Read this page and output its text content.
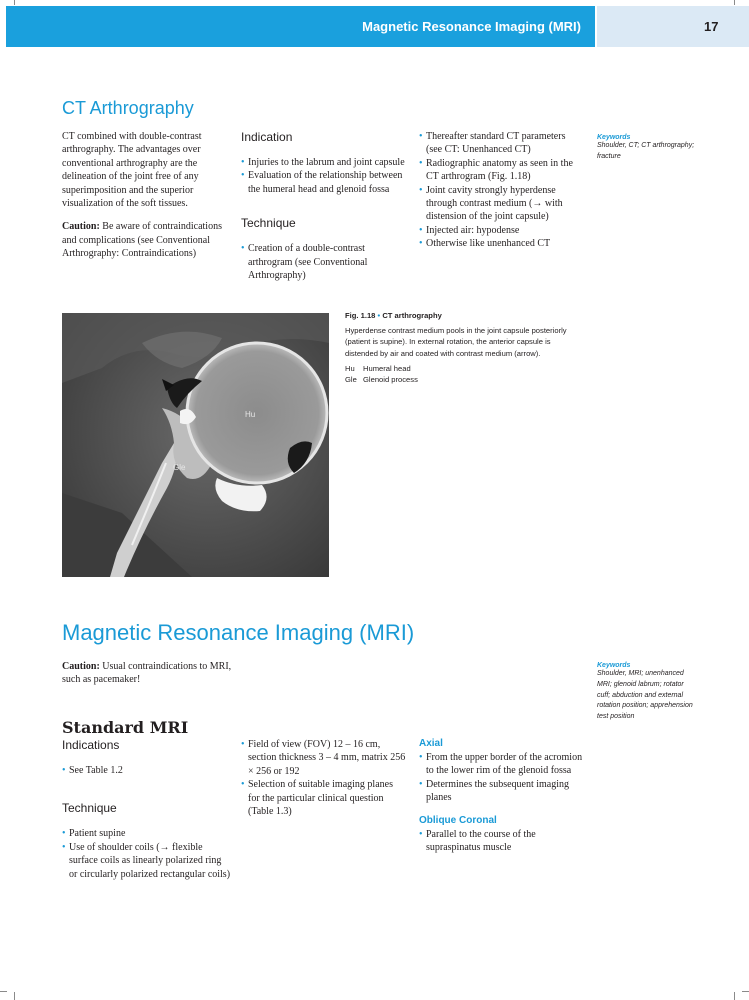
Magnetic Resonance Imaging (MRI)	17
CT Arthrography

CT combined with double-contrast arthrography. The advantages over conventional arthrography are the delineation of the joint free of any superimposition and the superior visualization of the soft tissues.

Caution: Be aware of contraindications and complications (see Conventional Arthrography: Contraindications)

Indication
• Injuries to the labrum and joint capsule
• Evaluation of the relationship between the humeral head and glenoid fossa
Technique
• Creation of a double-contrast arthrogram (see Conventional Arthrography)
• Thereafter standard CT parameters (see CT: Unenhanced CT)
• Radiographic anatomy as seen in the CT arthrogram (Fig. 1.18)
• Joint cavity strongly hyperdense through contrast medium (→ with distension of the joint capsule)
• Injected air: hypodense
• Otherwise like unenhanced CT
Keywords
Shoulder, CT; CT arthrography; fracture
Hu
Gle
Fig. 1.18 • CT arthrography
Hyperdense contrast medium pools in the joint capsule posteriorly (patient is supine). In external rotation, the anterior capsule is distended by air and coated with contrast medium (arrow).
Hu Humeral head
Gle Glenoid process
Magnetic Resonance Imaging (MRI)

Caution: Usual contraindications to MRI, such as pacemaker!

Keywords
Shoulder, MRI; unenhanced MRI; glenoid labrum; rotator cuff; abduction and external rotation position; apprehension test position
Standard MRI
Indications
• See Table 1.2
Technique
• Patient supine
• Use of shoulder coils (→ flexible surface coils as linearly polarized ring or circularly polarized rectangular coils)
• Field of view (FOV) 12 – 16 cm, section thickness 3 – 4 mm, matrix 256 × 256 or 192
• Selection of suitable imaging planes for the particular clinical question (Table 1.3)
Axial
• From the upper border of the acromion to the lower rim of the glenoid fossa
• Determines the subsequent imaging planes
Oblique Coronal
• Parallel to the course of the supraspinatus muscle
